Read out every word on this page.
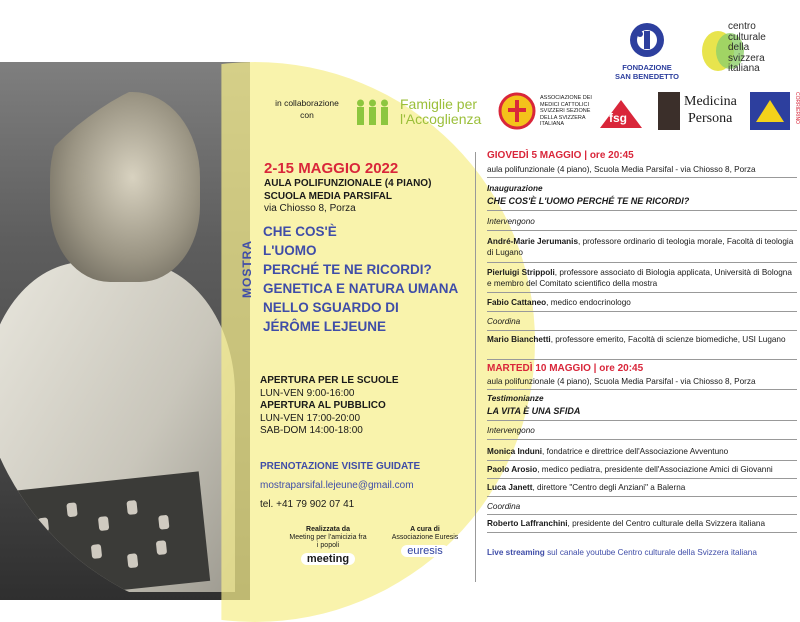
FONDAZIONE
SAN BENEDETTO
centro
culturale
della
svizzera
italiana
in collaborazione
con
Famiglie per
l'Accoglienza
ASSOCIAZIONE DEI MEDICI CATTOLICI SVIZZERI SEZIONE DELLA SVIZZERA ITALIANA	fsg
Medicina
Persona	CORRIERINO
2-15 MAGGIO 2022
AULA POLIFUNZIONALE (4 PIANO)
SCUOLA MEDIA PARSIFAL
via Chiosso 8, Porza
MOSTRA
CHE COS'È
L'UOMO
PERCHÉ TE NE RICORDI?
GENETICA E NATURA UMANA
NELLO SGUARDO DI
JÉRÔME LEJEUNE
APERTURA PER LE SCUOLE
LUN-VEN 9:00-16:00
APERTURA AL PUBBLICO
LUN-VEN 17:00-20:00
SAB-DOM 14:00-18:00
PRENOTAZIONE VISITE GUIDATE
mostraparsifal.lejeune@gmail.com
tel. +41 79 902 07 41
Realizzata da
Meeting per l'amicizia fra i popoli
meeting
A cura di
Associazione Euresis
euresis
GIOVEDÌ 5 MAGGIO | ore 20:45
aula polifunzionale (4 piano), Scuola Media Parsifal - via Chiosso 8, Porza
Inaugurazione
CHE COS'È L'UOMO PERCHÉ TE NE RICORDI?
Intervengono
André-Marie Jerumanis, professore ordinario di teologia morale, Facoltà di teologia di Lugano
Pierluigi Strippoli, professore associato di Biologia applicata, Università di Bologna e membro del Comitato scientifico della mostra
Fabio Cattaneo, medico endocrinologo
Coordina
Mario Bianchetti, professore emerito, Facoltà di scienze biomediche, USI Lugano
MARTEDÌ 10 MAGGIO | ore 20:45
aula polifunzionale (4 piano), Scuola Media Parsifal - via Chiosso 8, Porza
Testimonianze
LA VITA È UNA SFIDA
Intervengono
Monica Induni, fondatrice e direttrice dell'Associazione Avventuno
Paolo Arosio, medico pediatra, presidente dell'Associazione Amici di Giovanni
Luca Janett, direttore "Centro degli Anziani" a Balerna
Coordina
Roberto Laffranchini, presidente del Centro culturale della Svizzera italiana
Live streaming sul canale youtube Centro culturale della Svizzera italiana
